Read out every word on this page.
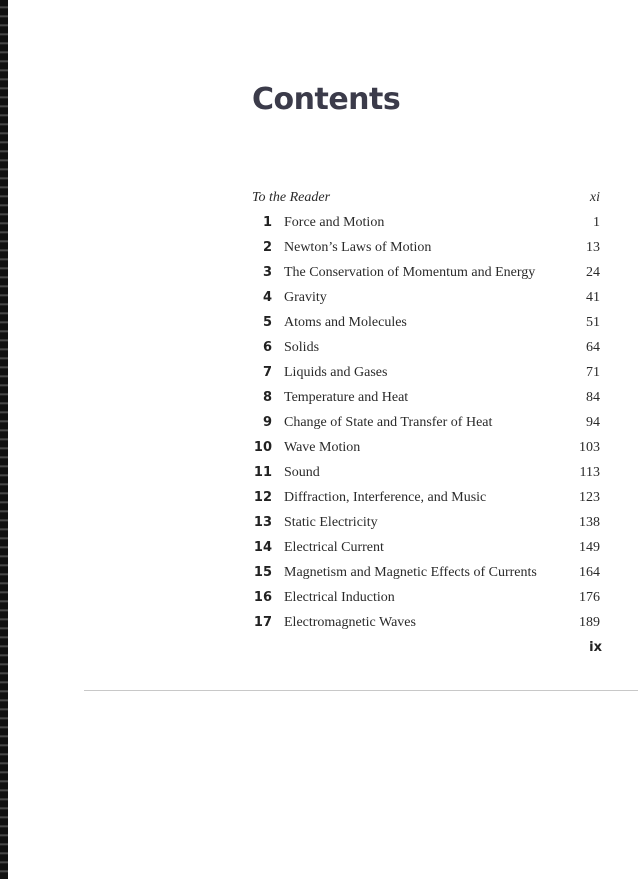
Contents
To the Reader	xi
1 Force and Motion	1
2 Newton’s Laws of Motion	13
3 The Conservation of Momentum and Energy	24
4 Gravity	41
5 Atoms and Molecules	51
6 Solids	64
7 Liquids and Gases	71
8 Temperature and Heat	84
9 Change of State and Transfer of Heat	94
10 Wave Motion	103
11 Sound	113
12 Diffraction, Interference, and Music	123
13 Static Electricity	138
14 Electrical Current	149
15 Magnetism and Magnetic Effects of Currents	164
16 Electrical Induction	176
17 Electromagnetic Waves	189
ix
